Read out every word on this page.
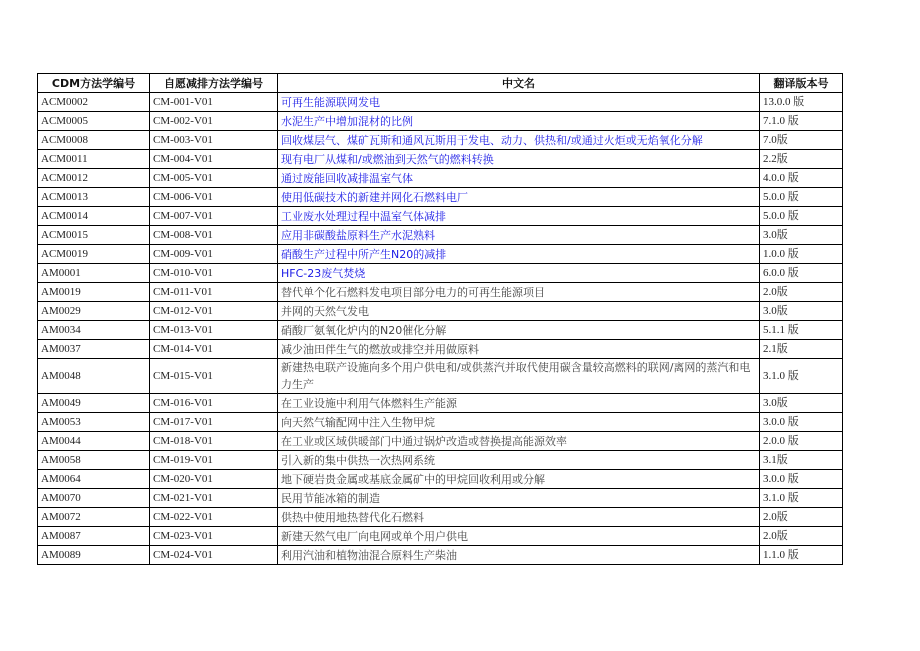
CDM方法学编号	自愿减排方法学编号	中文名	翻译版本号
ACM0002	CM-001-V01	可再生能源联网发电	13.0.0 版
ACM0005	CM-002-V01	水泥生产中增加混材的比例	7.1.0 版
ACM0008	CM-003-V01	回收煤层气、煤矿瓦斯和通风瓦斯用于发电、动力、供热和/或通过火炬或无焰氧化分解	7.0版
ACM0011	CM-004-V01	现有电厂从煤和/或燃油到天然气的燃料转换	2.2版
ACM0012	CM-005-V01	通过废能回收减排温室气体	4.0.0 版
ACM0013	CM-006-V01	使用低碳技术的新建并网化石燃料电厂	5.0.0 版
ACM0014	CM-007-V01	工业废水处理过程中温室气体减排	5.0.0 版
ACM0015	CM-008-V01	应用非碳酸盐原料生产水泥熟料	3.0版
ACM0019	CM-009-V01	硝酸生产过程中所产生N20的减排	1.0.0 版
AM0001	CM-010-V01	HFC-23废气焚烧	6.0.0 版
AM0019	CM-011-V01	替代单个化石燃料发电项目部分电力的可再生能源项目	2.0版
AM0029	CM-012-V01	并网的天然气发电	3.0版
AM0034	CM-013-V01	硝酸厂氨氧化炉内的N20催化分解	5.1.1 版
AM0037	CM-014-V01	减少油田伴生气的燃放或排空并用做原料	2.1版
AM0048	CM-015-V01	新建热电联产设施向多个用户供电和/或供蒸汽并取代使用碳含量较高燃料的联网/离网的蒸汽和电力生产	3.1.0 版
AM0049	CM-016-V01	在工业设施中利用气体燃料生产能源	3.0版
AM0053	CM-017-V01	向天然气输配网中注入生物甲烷	3.0.0 版
AM0044	CM-018-V01	在工业或区域供暖部门中通过锅炉改造或替换提高能源效率	2.0.0 版
AM0058	CM-019-V01	引入新的集中供热一次热网系统	3.1版
AM0064	CM-020-V01	地下硬岩贵金属或基底金属矿中的甲烷回收利用或分解	3.0.0 版
AM0070	CM-021-V01	民用节能冰箱的制造	3.1.0 版
AM0072	CM-022-V01	供热中使用地热替代化石燃料	2.0版
AM0087	CM-023-V01	新建天然气电厂向电网或单个用户供电	2.0版
AM0089	CM-024-V01	利用汽油和植物油混合原料生产柴油	1.1.0 版
